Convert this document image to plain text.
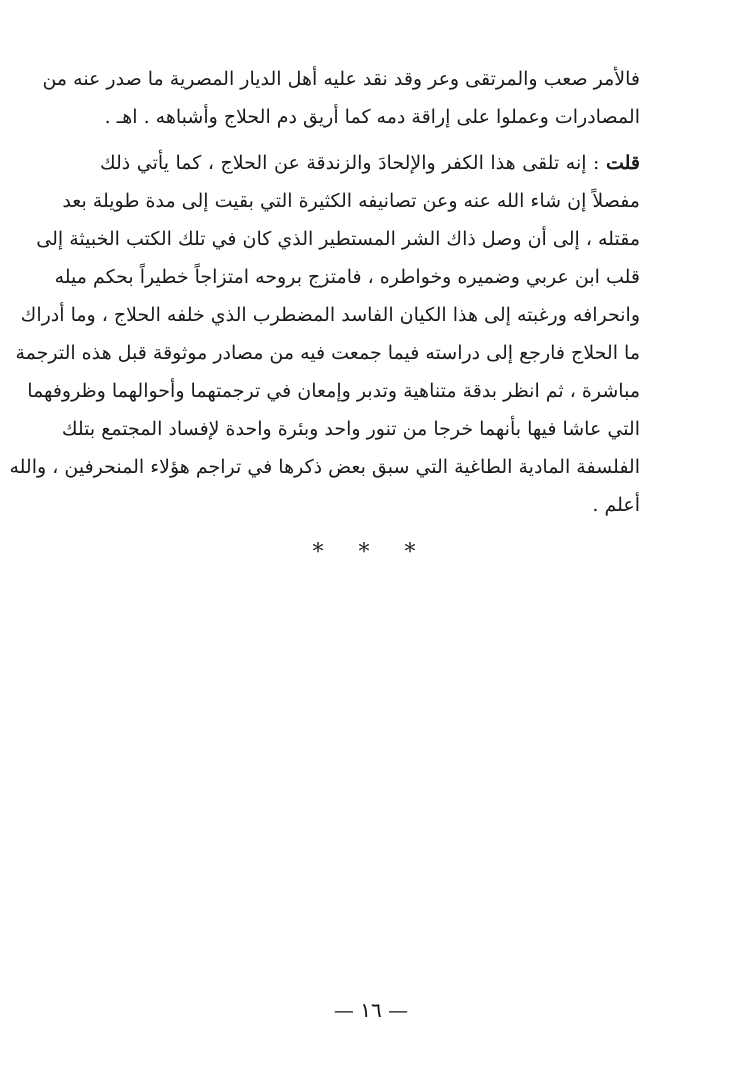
فالأمر صعب والمرتقى وعر وقد نقد عليه أهل الديار المصرية ما صدر عنه من
المصادرات وعملوا على إراقة دمه كما أريق دم الحلاج وأشباهه . اهـ .
قلت : إنه تلقى هذا الكفر والإلحادَ والزندقة عن الحلاج ، كما يأتي ذلك
مفصلاً إن شاء الله عنه وعن تصانيفه الكثيرة التي بقيت إلى مدة طويلة بعد
مقتله ، إلى أن وصل ذاك الشر المستطير الذي كان في تلك الكتب الخبيثة إلى
قلب ابن عربي وضميره وخواطره ، فامتزج بروحه امتزاجاً خطيراً بحكم ميله
وانحرافه ورغبته إلى هذا الكيان الفاسد المضطرب الذي خلفه الحلاج ، وما أدراك
ما الحلاج فارجع إلى دراسته فيما جمعت فيه من مصادر موثوقة قبل هذه الترجمة
مباشرة ، ثم انظر بدقة متناهية وتدبر وإمعان في ترجمتهما وأحوالهما وظروفهما
التي عاشا فيها بأنهما خرجا من تنور واحد وبئرة واحدة لإفساد المجتمع بتلك
الفلسفة المادية الطاغية التي سبق بعض ذكرها في تراجم هؤلاء المنحرفين ، والله
أعلم .
* * *
— ١٦ —
